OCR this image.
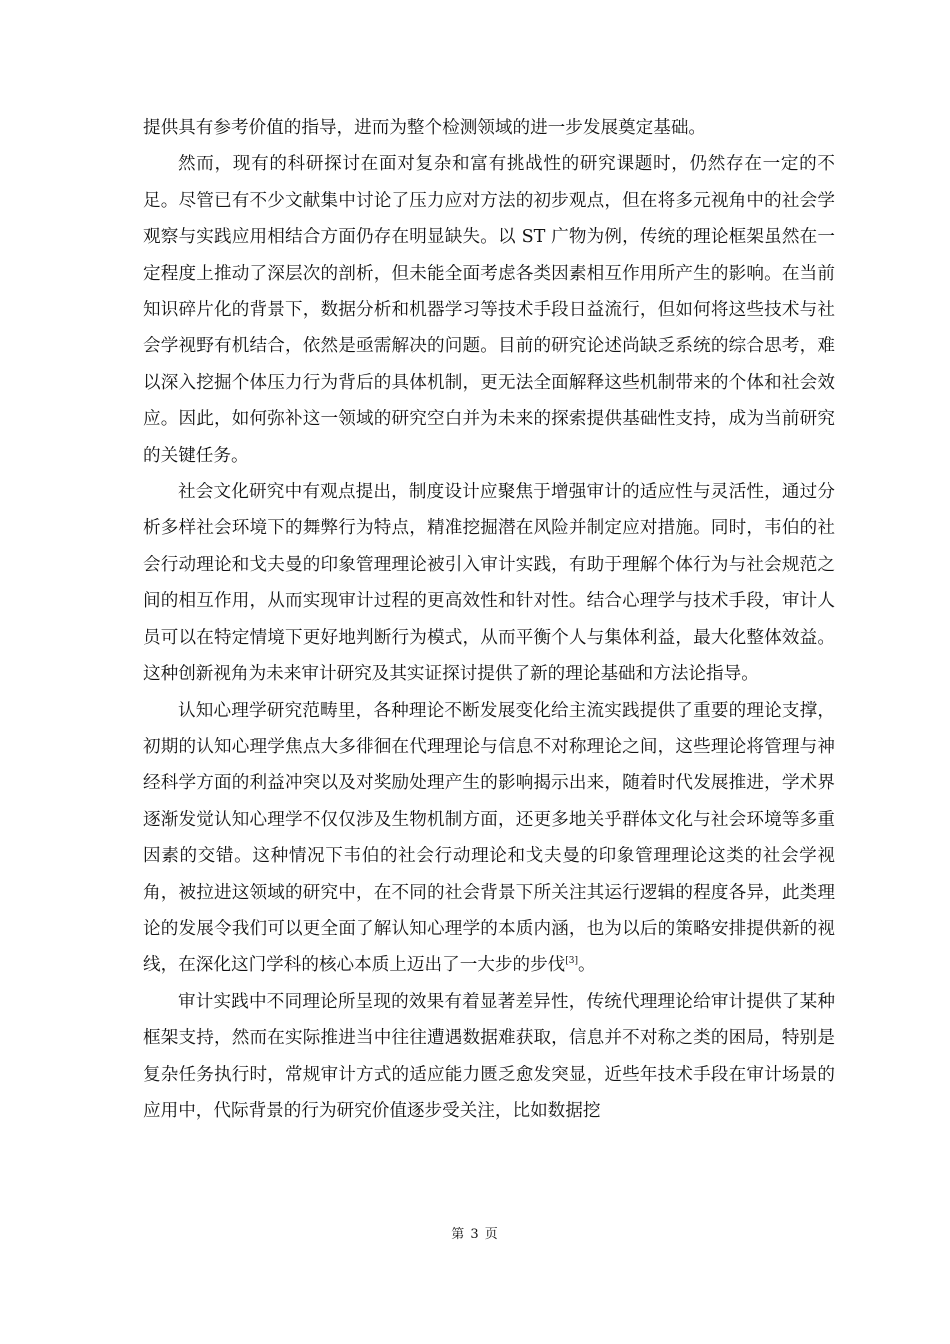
提供具有参考价值的指导，进而为整个检测领域的进一步发展奠定基础。

然而，现有的科研探讨在面对复杂和富有挑战性的研究课题时，仍然存在一定的不足。尽管已有不少文献集中讨论了压力应对方法的初步观点，但在将多元视角中的社会学观察与实践应用相结合方面仍存在明显缺失。以 ST 广物为例，传统的理论框架虽然在一定程度上推动了深层次的剖析，但未能全面考虑各类因素相互作用所产生的影响。在当前知识碎片化的背景下，数据分析和机器学习等技术手段日益流行，但如何将这些技术与社会学视野有机结合，依然是亟需解决的问题。目前的研究论述尚缺乏系统的综合思考，难以深入挖掘个体压力行为背后的具体机制，更无法全面解释这些机制带来的个体和社会效应。因此，如何弥补这一领域的研究空白并为未来的探索提供基础性支持，成为当前研究的关键任务。

社会文化研究中有观点提出，制度设计应聚焦于增强审计的适应性与灵活性，通过分析多样社会环境下的舞弊行为特点，精准挖掘潜在风险并制定应对措施。同时，韦伯的社会行动理论和戈夫曼的印象管理理论被引入审计实践，有助于理解个体行为与社会规范之间的相互作用，从而实现审计过程的更高效性和针对性。结合心理学与技术手段，审计人员可以在特定情境下更好地判断行为模式，从而平衡个人与集体利益，最大化整体效益。这种创新视角为未来审计研究及其实证探讨提供了新的理论基础和方法论指导。

认知心理学研究范畴里，各种理论不断发展变化给主流实践提供了重要的理论支撑，初期的认知心理学焦点大多徘徊在代理理论与信息不对称理论之间，这些理论将管理与神经科学方面的利益冲突以及对奖励处理产生的影响揭示出来，随着时代发展推进，学术界逐渐发觉认知心理学不仅仅涉及生物机制方面，还更多地关乎群体文化与社会环境等多重因素的交错。这种情况下韦伯的社会行动理论和戈夫曼的印象管理理论这类的社会学视角，被拉进这领域的研究中，在不同的社会背景下所关注其运行逻辑的程度各异，此类理论的发展令我们可以更全面了解认知心理学的本质内涵，也为以后的策略安排提供新的视线，在深化这门学科的核心本质上迈出了一大步的步伐[3]。

审计实践中不同理论所呈现的效果有着显著差异性，传统代理理论给审计提供了某种框架支持，然而在实际推进当中往往遭遇数据难获取，信息并不对称之类的困局，特别是复杂任务执行时，常规审计方式的适应能力匮乏愈发突显，近些年技术手段在审计场景的应用中，代际背景的行为研究价值逐步受关注，比如数据挖

第 3 页
